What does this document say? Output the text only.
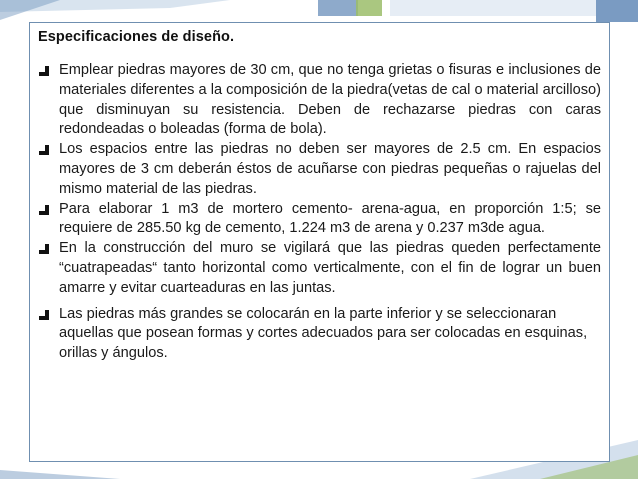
Especificaciones de diseño.
Emplear piedras mayores de 30 cm, que no tenga grietas o fisuras e inclusiones de materiales diferentes a la composición de la piedra(vetas de cal o material arcilloso) que disminuyan su resistencia. Deben de rechazarse piedras con caras redondeadas o boleadas (forma de bola).
Los espacios entre las piedras no deben ser mayores de 2.5 cm. En espacios mayores de 3 cm deberán éstos de acuñarse con piedras pequeñas o rajuelas del mismo material de las piedras.
Para elaborar 1 m3 de mortero cemento- arena-agua, en proporción 1:5; se requiere de 285.50 kg de cemento, 1.224 m3 de arena y 0.237 m3de agua.
En la construcción del muro se vigilará que las piedras queden perfectamente “cuatrapeadas“ tanto horizontal como verticalmente, con el fin de lograr un buen amarre y evitar cuarteaduras en las juntas.
Las piedras más grandes se colocarán en la parte inferior y se seleccionaran aquellas que posean formas y cortes adecuados para ser colocadas en esquinas, orillas y ángulos.
